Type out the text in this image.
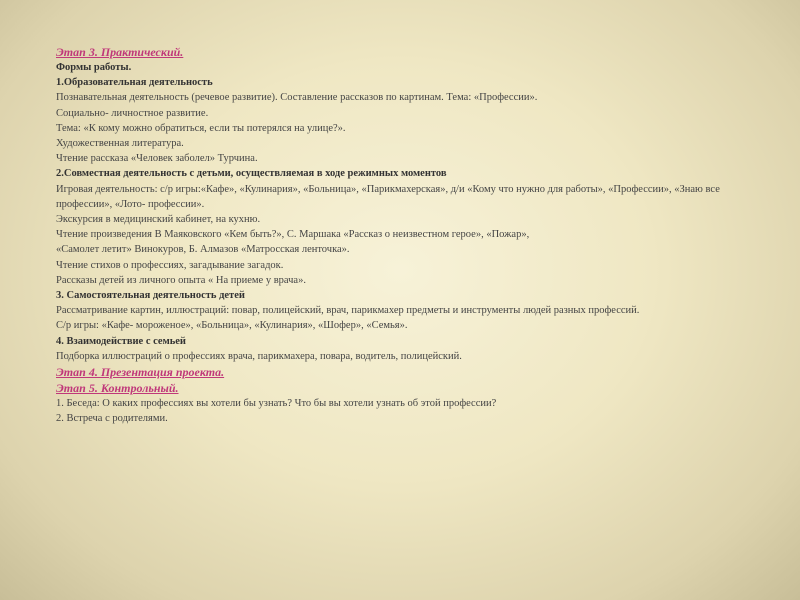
Этап 3. Практический.
Формы работы.
1.Образовательная деятельность
Познавательная деятельность (речевое развитие). Составление рассказов по картинам. Тема: «Профессии».
Социально- личностное развитие.
Тема: «К кому можно обратиться, если ты потерялся на улице?».
Художественная литература.
Чтение рассказа «Человек заболел» Турчина.
2.Совместная деятельность с детьми, осуществляемая в ходе режимных моментов
Игровая деятельность: с/р игры:«Кафе», «Кулинария», «Больница», «Парикмахерская», д/и «Кому что нужно для работы», «Профессии», «Знаю все профессии», «Лото- профессии».
Экскурсия в медицинский кабинет, на кухню.
Чтение произведения В Маяковского «Кем быть?», С. Маршака «Рассказ о неизвестном герое», «Пожар»,
«Самолет летит» Винокуров, Б. Алмазов «Матросская ленточка».
Чтение стихов о профессиях, загадывание загадок.
Рассказы детей из личного опыта « На приеме у врача».
3. Самостоятельная деятельность детей
Рассматривание картин, иллюстраций: повар, полицейский, врач, парикмахер предметы и инструменты людей разных профессий.
С/р игры: «Кафе- мороженое», «Больница», «Кулинария», «Шофер», «Семья».
4. Взаимодействие с семьей
Подборка иллюстраций о профессиях врача, парикмахера, повара, водитель, полицейский.
Этап 4. Презентация проекта.
Этап 5. Контрольный.
1. Беседа: О каких профессиях вы хотели бы узнать? Что бы вы хотели узнать об этой профессии?
2. Встреча с родителями.
